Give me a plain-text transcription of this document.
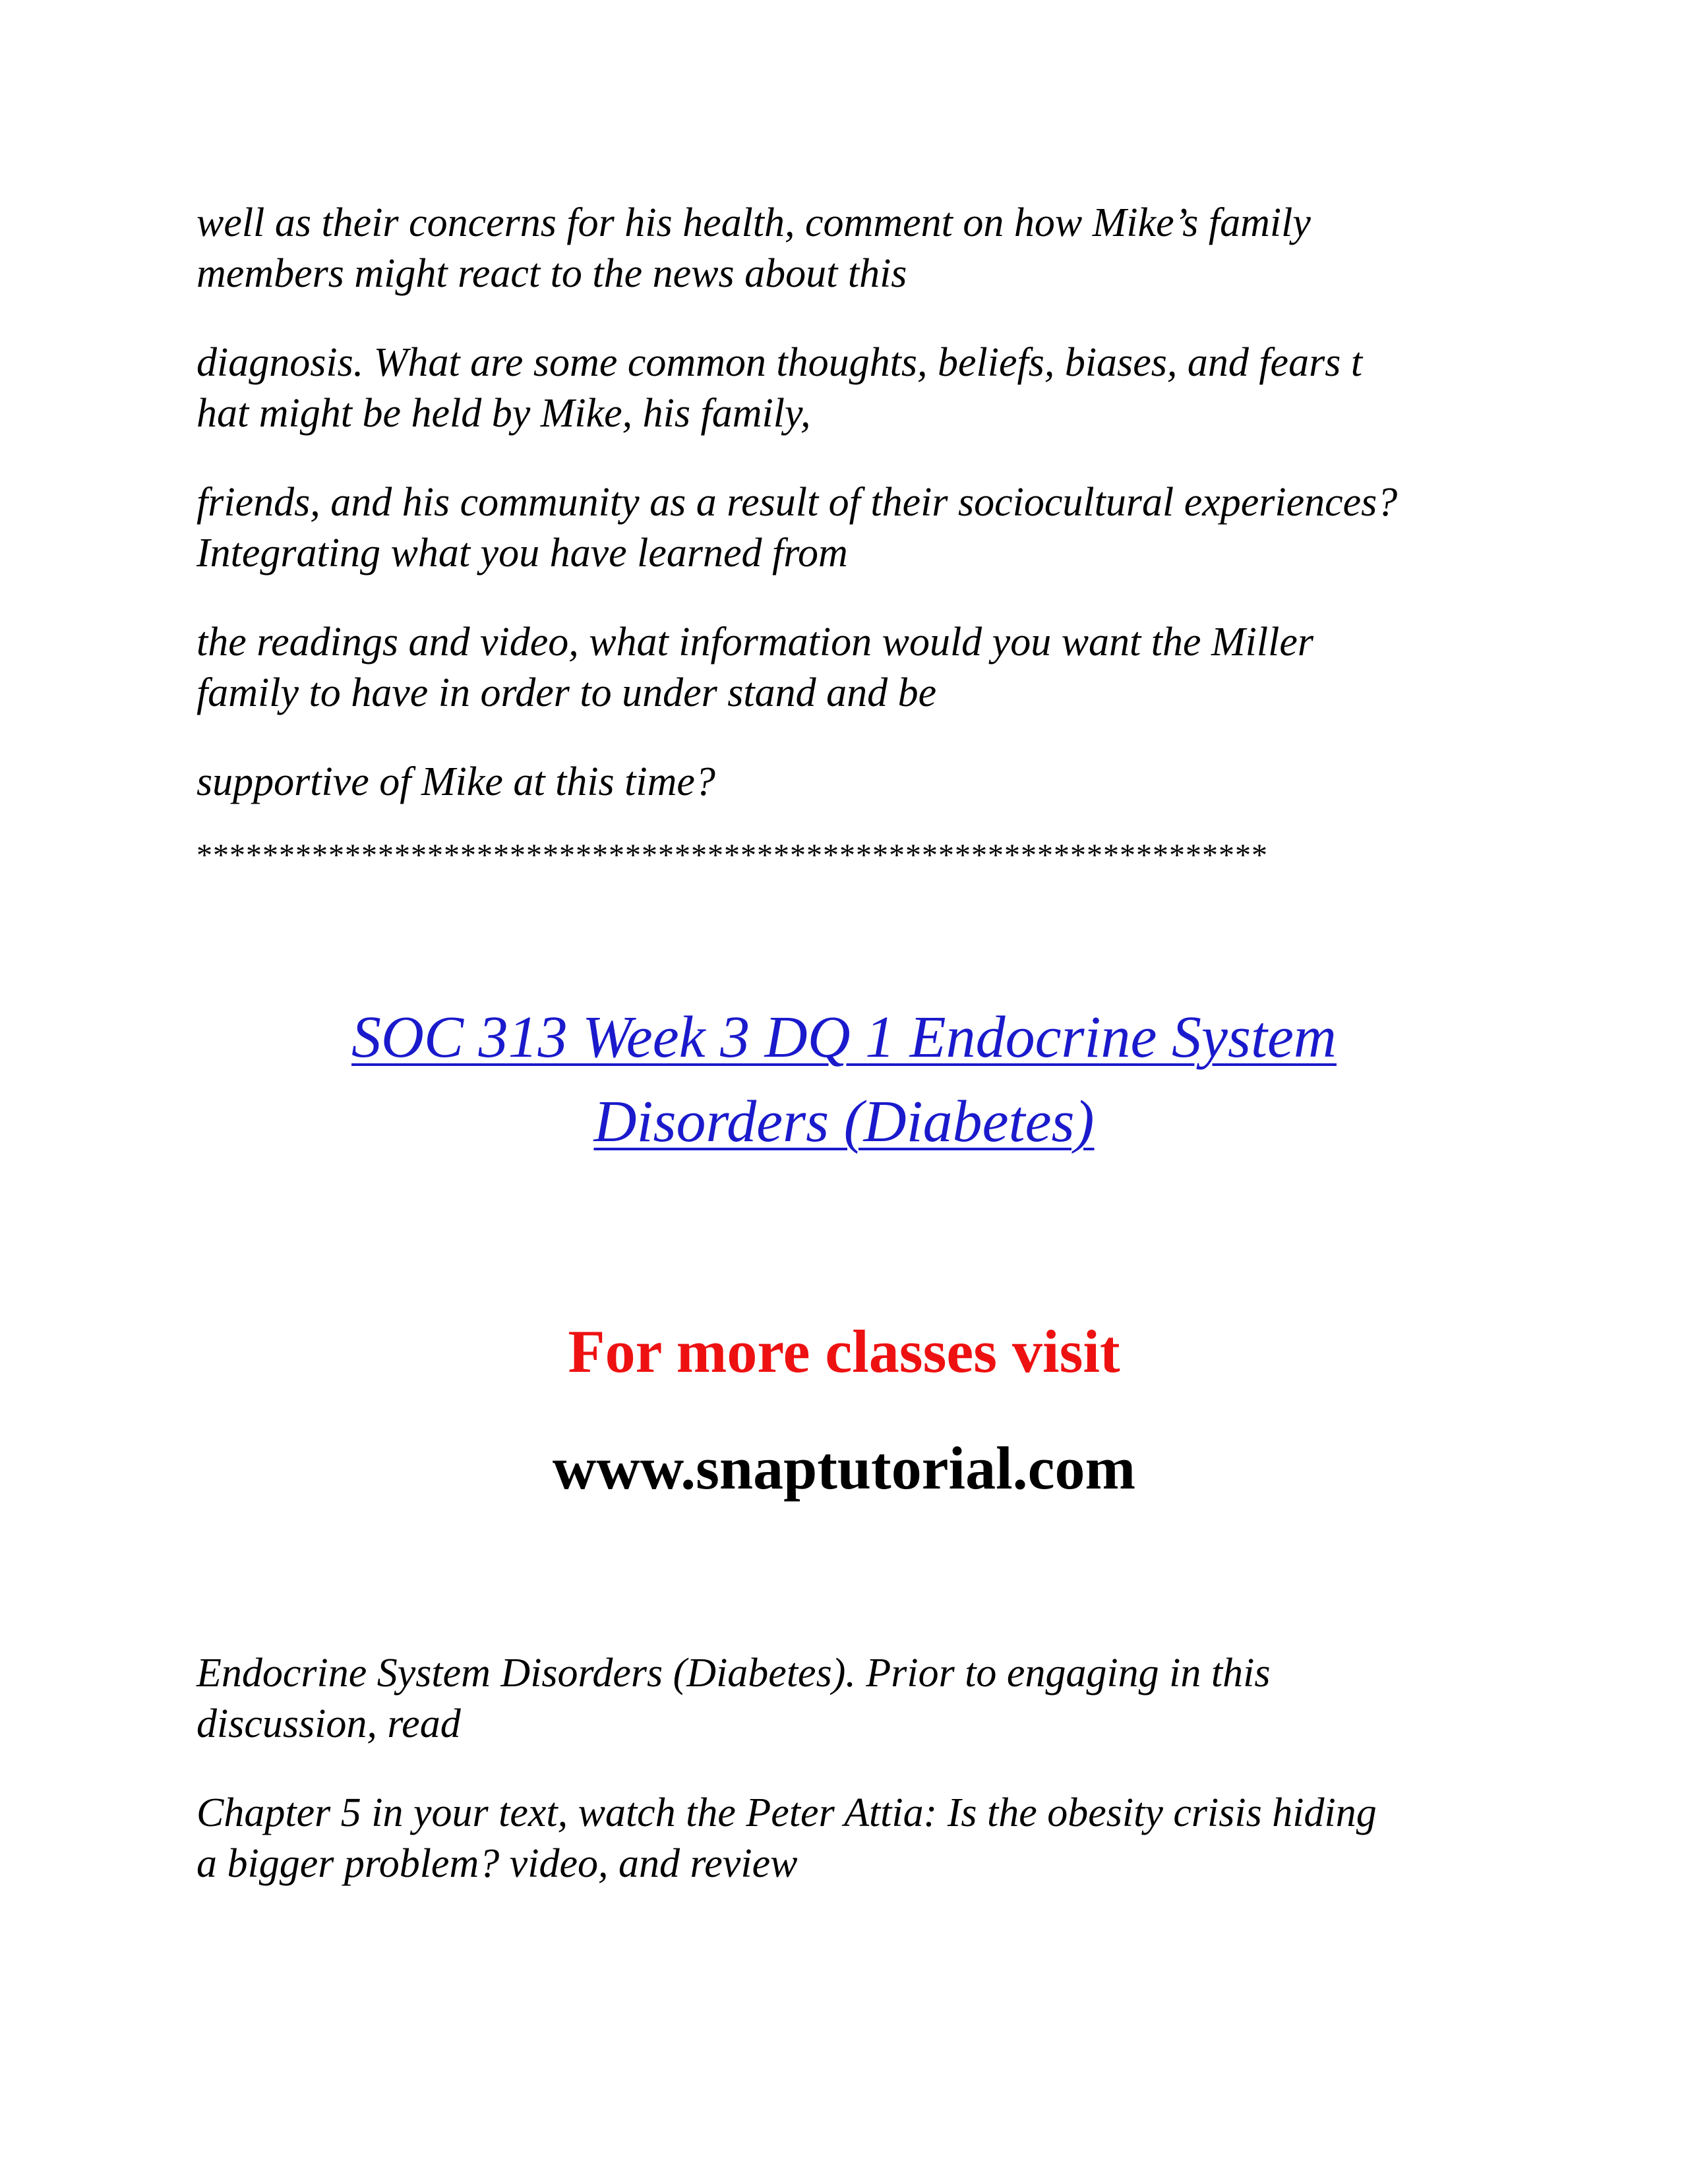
well as their concerns for his health, comment on how Mike’s family
members might react to the news about this

diagnosis. What are some common thoughts, beliefs, biases, and fears t
hat might be held by Mike, his family,

friends, and his community as a result of their sociocultural experiences?
Integrating what you have learned from

the readings and video, what information would you want the Miller
family to have in order to under stand and be

supportive of Mike at this time?

*****************************************************************

SOC 313 Week 3 DQ 1 Endocrine System
Disorders (Diabetes)

For more classes visit

www.snaptutorial.com

Endocrine System Disorders (Diabetes). Prior to engaging in this
discussion, read

Chapter 5 in your text, watch the Peter Attia: Is the obesity crisis hiding
a bigger problem? video, and review
